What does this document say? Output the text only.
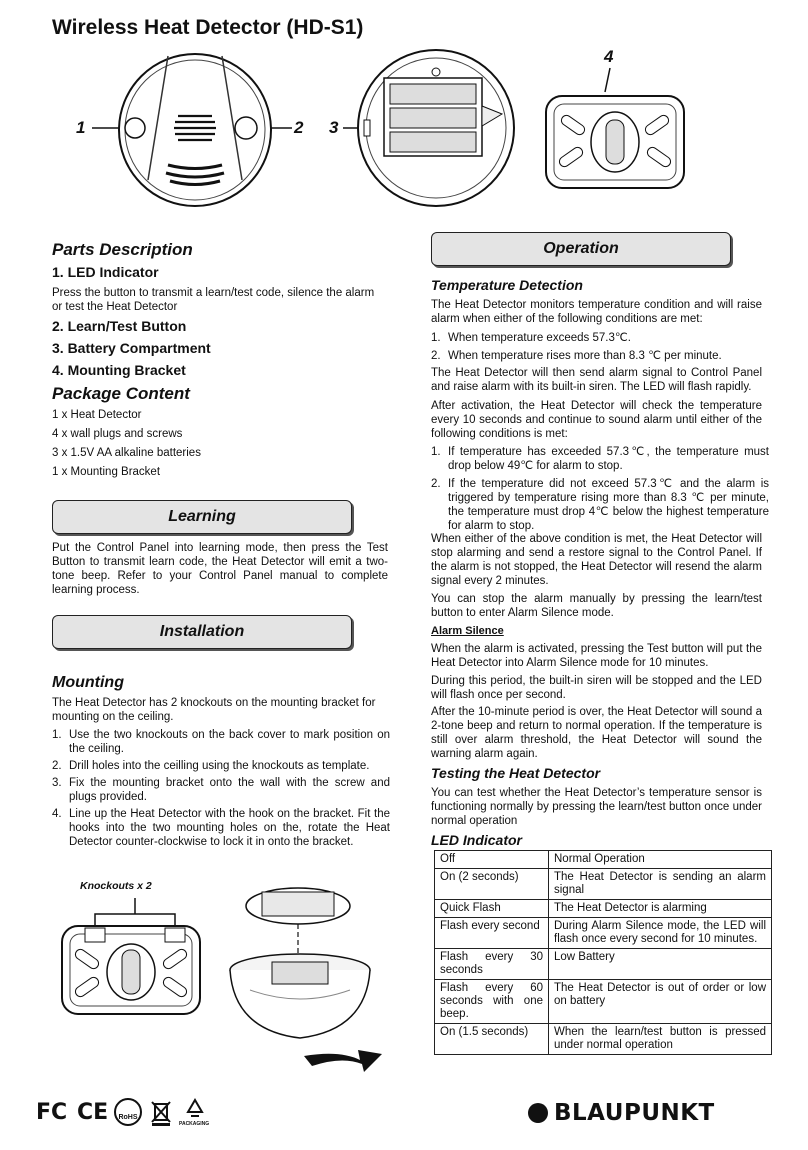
Wireless Heat Detector (HD-S1)
1	2 3
4
Parts Description
1. LED Indicator
Press the button to transmit a learn/test code, silence the alarm or test the Heat Detector
2. Learn/Test Button
3. Battery Compartment
4. Mounting Bracket
Package Content
1 x Heat Detector
4 x wall plugs and screws
3 x 1.5V AA alkaline batteries
1 x Mounting Bracket
Learning
Put the Control Panel into learning mode, then press the Test Button to transmit learn code, the Heat Detector will emit a two-tone beep. Refer to your Control Panel manual to complete learning process.
Installation
Mounting
The Heat Detector has 2 knockouts on the mounting bracket for mounting on the ceiling.
1. Use the two knockouts on the back cover to mark position on the ceiling.
2. Drill holes into the ceilling using the knockouts as template.
3. Fix the mounting bracket onto the wall with the screw and plugs provided.
4. Line up the Heat Detector with the hook on the bracket. Fit the hooks into the two mounting holes on the, rotate the Heat Detector counter-clockwise to lock it in onto the bracket.
Knockouts x 2
Operation
Temperature Detection
The Heat Detector monitors temperature condition and will raise alarm when either of the following conditions are met:
1. When temperature exceeds 57.3℃.
2. When temperature rises more than 8.3 ℃ per minute.
The Heat Detector will then send alarm signal to Control Panel and raise alarm with its built-in siren. The LED will flash rapidly.
After activation, the Heat Detector will check the temperature every 10 seconds and continue to sound alarm until either of the following conditions is met:
1. If temperature has exceeded 57.3℃, the temperature must drop below 49℃ for alarm to stop.
2. If the temperature did not exceed 57.3℃ and the alarm is triggered by temperature rising more than 8.3 ℃ per minute, the temperature must drop 4℃ below the highest temperature for alarm to stop.
When either of the above condition is met, the Heat Detector will stop alarming and send a restore signal to the Control Panel. If the alarm is not stopped, the Heat Detector will resend the alarm signal every 2 minutes.
You can stop the alarm manually by pressing the learn/test button to enter Alarm Silence mode.
Alarm Silence
When the alarm is activated, pressing the Test button will put the Heat Detector into Alarm Silence mode for 10 minutes.
During this period, the built-in siren will be stopped and the LED will flash once per second.
After the 10-minute period is over, the Heat Detector will sound a 2-tone beep and return to normal operation. If the temperature is still over alarm threshold, the Heat Detector will sound the warning alarm again.
Testing the Heat Detector
You can test whether the Heat Detector’s temperature sensor is functioning normally by pressing the learn/test button once under normal operation
LED Indicator
Off	Normal Operation
On (2 seconds)	The Heat Detector is sending an alarm signal
Quick Flash	The Heat Detector is alarming
Flash every second	During Alarm Silence mode, the LED will flash once every second for 10 minutes.
Flash every 30 seconds	Low Battery
Flash every 60 seconds with one beep.	The Heat Detector is out of order or low on battery
On (1.5 seconds)	When the learn/test button is pressed under normal operation
FC CE RoHS
PACKAGING	BLAUPUNKT
